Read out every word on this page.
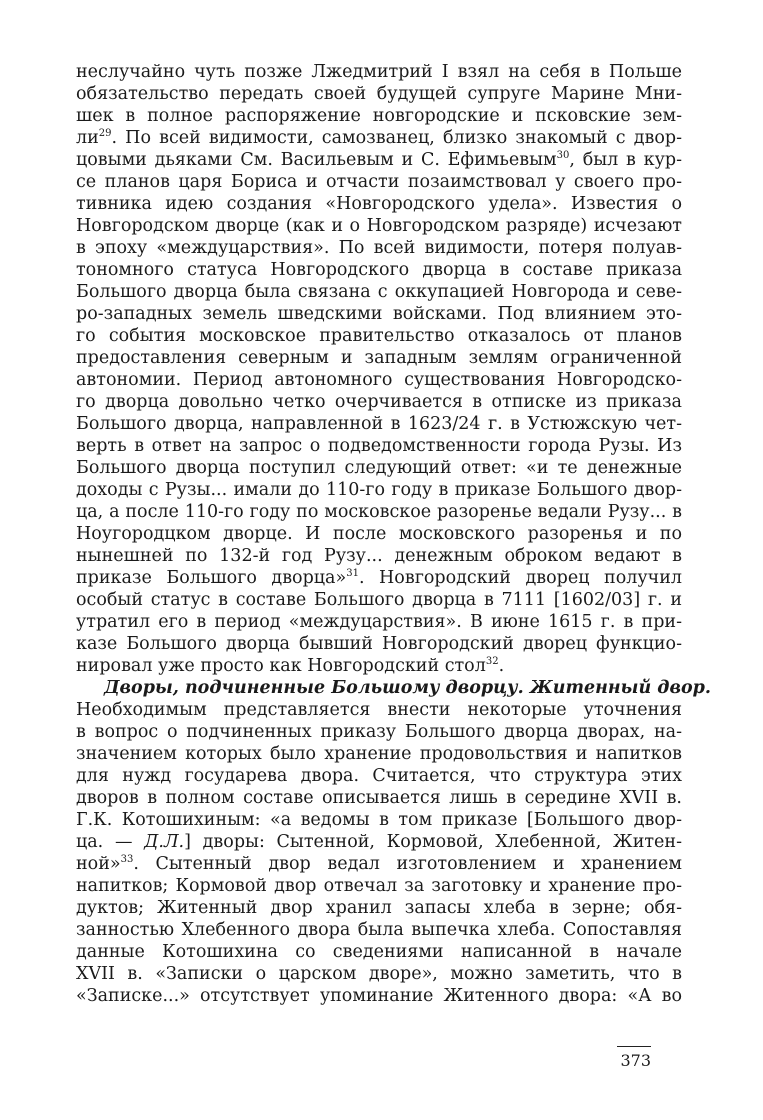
неслучайно чуть позже Лжедмитрий I взял на себя в Польше
обязательство передать своей будущей супруге Марине Мни-
шек в полное распоряжение новгородские и псковские зем-
$ли^{29}$. По всей видимости, самозванец, близко знакомый с двор-
цовыми дьяками См. Васильевым и С. Ефимьевым$^{30}$, был в кур-
се планов царя Бориса и отчасти позаимствовал у своего про-
тивника идею создания «Новгородского удела». Известия о
Новгородском дворце (как и о Новгородском разряде) исчезают
в эпоху «междуцарствия». По всей видимости, потеря полуав-
тономного статуса Новгородского дворца в составе приказа
Большого дворца была связана с оккупацией Новгорода и севе-
ро-западных земель шведскими войсками. Под влиянием это-
го события московское правительство отказалось от планов
предоставления северным и западным землям ограниченной
автономии. Период автономного существования Новгородско-
го дворца довольно четко очерчивается в отписке из приказа
Большого дворца, направленной в 1623/24 г. в Устюжскую чет-
верть в ответ на запрос о подведомственности города Рузы. Из
Большого дворца поступил следующий ответ: «и те денежные
доходы с Рузы... имали до 110-го году в приказе Большого двор-
ца, а после 110-го году по московское разоренье ведали Рузу... в
Ноугородцком дворце. И после московского разоренья и по
нынешней по 132-й год Рузу... денежным оброком ведают в
приказе Большого дворца»$^{31}$. Новгородский дворец получил
особый статус в составе Большого дворца в 7111 [1602/03] г. и
утратил его в период «междуцарствия». В июне 1615 г. в при-
казе Большого дворца бывший Новгородский дворец функцио-
нировал уже просто как Новгородский стол$^{32}$.
Дворы, подчиненные Большому дворцу. Житенный двор.
Необходимым представляется внести некоторые уточнения
в вопрос о подчиненных приказу Большого дворца дворах, на-
значением которых было хранение продовольствия и напитков
для нужд государева двора. Считается, что структура этих
дворов в полном составе описывается лишь в середине XVII в.
Г.К. Котошихиным: «а ведомы в том приказе [Большого двор-
ца. — Д.Л.] дворы: Сытенной, Кормовой, Хлебенной, Житен-
ной»$^{33}$. Сытенный двор ведал изготовлением и хранением
напитков; Кормовой двор отвечал за заготовку и хранение про-
дуктов; Житенный двор хранил запасы хлеба в зерне; обя-
занностью Хлебенного двора была выпечка хлеба. Сопоставляя
данные Котошихина со сведениями написанной в начале
XVII в. «Записки о царском дворе», можно заметить, что в
«Записке...» отсутствует упоминание Житенного двора: «А во
373
